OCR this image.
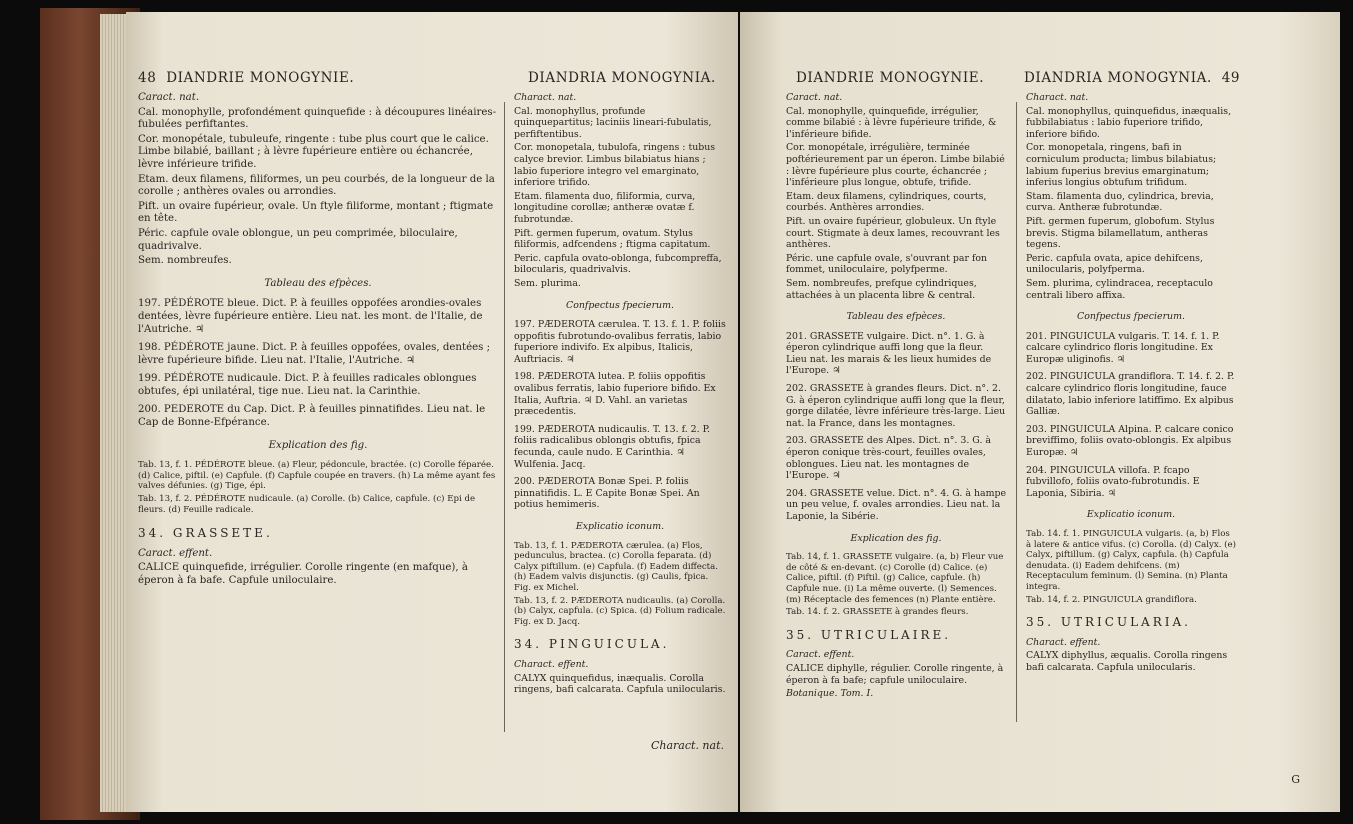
48 DIANDRIE MONOGYNIE.	DIANDRIA MONOGYNIA.

Caract. nat.

Cal. monophylle, profondément quinquefide : à découpures linéaires-fubulées perfiftantes.

Cor. monopétale, tubuleufe, ringente : tube plus court que le calice. Limbe bilabié, baillant ; à lèvre fupérieure entière ou échancrée, lèvre inférieure trifide.

Etam. deux filamens, filiformes, un peu courbés, de la longueur de la corolle ; anthères ovales ou arrondies.

Pift. un ovaire fupérieur, ovale. Un ftyle filiforme, montant ; ftigmate en tête.

Péric. capfule ovale oblongue, un peu comprimée, biloculaire, quadrivalve.

Sem. nombreufes.

Tableau des efpèces.

197. PÉDÉROTE bleue. Dict. P. à feuilles oppofées arondies-ovales dentées, lèvre fupérieure entière. Lieu nat. les mont. de l'Italie, de l'Autriche. ♃

198. PÉDÉROTE jaune. Dict. P. à feuilles oppofées, ovales, dentées ; lèvre fupérieure bifide. Lieu nat. l'Italie, l'Autriche. ♃

199. PÉDÉROTE nudicaule. Dict. P. à feuilles radicales oblongues obtufes, épi unilatéral, tige nue. Lieu nat. la Carinthie.

200. PEDEROTE du Cap. Dict. P. à feuilles pinnatifides. Lieu nat. le Cap de Bonne-Efpérance.

Explication des fig.

Tab. 13, f. 1. PÉDÉROTE bleue. (a) Fleur, pédoncule, bractée. (c) Corolle féparée. (d) Calice, piftil. (e) Capfule. (f) Capfule coupée en travers. (h) La même ayant fes valves défunies. (g) Tige, épi.

Tab. 13, f. 2. PÉDÉROTE nudicaule. (a) Corolle. (b) Calice, capfule. (c) Epi de fleurs. (d) Feuille radicale.

34. GRASSETE.

Caract. effent.

CALICE quinquefide, irrégulier. Corolle ringente (en mafque), à éperon à fa bafe. Capfule uniloculaire.

Charact. nat.

Cal. monophyllus, profunde quinquepartitus; laciniis lineari-fubulatis, perfiftentibus.

Cor. monopetala, tubulofa, ringens : tubus calyce brevior. Limbus bilabiatus hians ; labio fuperiore integro vel emarginato, inferiore trifido.

Etam. filamenta duo, filiformia, curva, longitudine corollæ; antheræ ovatæ f. fubrotundæ.

Pift. germen fuperum, ovatum. Stylus filiformis, adfcendens ; ftigma capitatum.

Peric. capfula ovato-oblonga, fubcompreffa, bilocularis, quadrivalvis.

Sem. plurima.

Confpectus fpecierum.

197. PÆDEROTA cærulea. T. 13. f. 1. P. foliis oppofitis fubrotundo-ovalibus ferratis, labio fuperiore indivifo. Ex alpibus, Italicis, Auftriacis. ♃

198. PÆDEROTA lutea. P. foliis oppofitis ovalibus ferratis, labio fuperiore bifido. Ex Italia, Auftria. ♃ D. Vahl. an varietas præcedentis.

199. PÆDEROTA nudicaulis. T. 13. f. 2. P. foliis radicalibus oblongis obtufis, fpica fecunda, caule nudo. E Carinthia. ♃ Wulfenia. Jacq.

200. PÆDEROTA Bonæ Spei. P. foliis pinnatifidis. L. E Capite Bonæ Spei. An potius hemimeris.

Explicatio iconum.

Tab. 13, f. 1. PÆDEROTA cærulea. (a) Flos, pedunculus, bractea. (c) Corolla feparata. (d) Calyx piftillum. (e) Capfula. (f) Eadem diffecta. (h) Eadem valvis disjunctis. (g) Caulis, fpica. Fig. ex Michel.

Tab. 13, f. 2. PÆDEROTA nudicaulis. (a) Corolla. (b) Calyx, capfula. (c) Spica. (d) Folium radicale. Fig. ex D. Jacq.

34. PINGUICULA.

Charact. effent.

CALYX quinquefidus, inæqualis. Corolla ringens, bafi calcarata. Capfula unilocularis.

Charact. nat.
DIANDRIE MONOGYNIE.	DIANDRIA MONOGYNIA. 49

Caract. nat.

Cal. monophylle, quinquefide, irrégulier, comme bilabié : à lèvre fupérieure trifide, & l'inférieure bifide.

Cor. monopétale, irrégulière, terminée poftérieurement par un éperon. Limbe bilabié : lèvre fupérieure plus courte, échancrée ; l'inférieure plus longue, obtufe, trifide.

Etam. deux filamens, cylindriques, courts, courbés. Anthères arrondies.

Pift. un ovaire fupérieur, globuleux. Un ftyle court. Stigmate à deux lames, recouvrant les anthères.

Péric. une capfule ovale, s'ouvrant par fon fommet, uniloculaire, polyfperme.

Sem. nombreufes, prefque cylindriques, attachées à un placenta libre & central.

Tableau des efpèces.

201. GRASSETE vulgaire. Dict. n°. 1. G. à éperon cylindrique auffi long que la fleur. Lieu nat. les marais & les lieux humides de l'Europe. ♃

202. GRASSETE à grandes fleurs. Dict. n°. 2. G. à éperon cylindrique auffi long que la fleur, gorge dilatée, lèvre inférieure très-large. Lieu nat. la France, dans les montagnes.

203. GRASSETE des Alpes. Dict. n°. 3. G. à éperon conique très-court, feuilles ovales, oblongues. Lieu nat. les montagnes de l'Europe. ♃

204. GRASSETE velue. Dict. n°. 4. G. à hampe un peu velue, f. ovales arrondies. Lieu nat. la Laponie, la Sibérie.

Explication des fig.

Tab. 14, f. 1. GRASSETE vulgaire. (a, b) Fleur vue de côté & en-devant. (c) Corolle (d) Calice. (e) Calice, piftil. (f) Piftil. (g) Calice, capfule. (h) Capfule nue. (i) La même ouverte. (l) Semences. (m) Réceptacle des femences (n) Plante entière.

Tab. 14. f. 2. GRASSETE à grandes fleurs.

35. UTRICULAIRE.

Caract. effent.

CALICE diphylle, régulier. Corolle ringente, à éperon à fa bafe; capfule uniloculaire.

Botanique. Tom. I.

Charact. nat.

Cal. monophyllus, quinquefidus, inæqualis, fubbilabiatus : labio fuperiore trifido, inferiore bifido.

Cor. monopetala, ringens, bafi in corniculum producta; limbus bilabiatus; labium fuperius brevius emarginatum; inferius longius obtufum trifidum.

Stam. filamenta duo, cylindrica, brevia, curva. Antheræ fubrotundæ.

Pift. germen fuperum, globofum. Stylus brevis. Stigma bilamellatum, antheras tegens.

Peric. capfula ovata, apice dehifcens, unilocularis, polyfperma.

Sem. plurima, cylindracea, receptaculo centrali libero affixa.

Confpectus fpecierum.

201. PINGUICULA vulgaris. T. 14. f. 1. P. calcare cylindrico floris longitudine. Ex Europæ uliginofis. ♃

202. PINGUICULA grandiflora. T. 14. f. 2. P. calcare cylindrico floris longitudine, fauce dilatato, labio inferiore latiffimo. Ex alpibus Galliæ.

203. PINGUICULA Alpina. P. calcare conico breviffimo, foliis ovato-oblongis. Ex alpibus Europæ. ♃

204. PINGUICULA villofa. P. fcapo fubvillofo, foliis ovato-fubrotundis. E Laponia, Sibiria. ♃

Explicatio iconum.

Tab. 14. f. 1. PINGUICULA vulgaris. (a, b) Flos à latere & antice vifus. (c) Corolla. (d) Calyx. (e) Calyx, piftillum. (g) Calyx, capfula. (h) Capfula denudata. (i) Eadem dehifcens. (m) Receptaculum feminum. (l) Semina. (n) Planta integra.

Tab. 14, f. 2. PINGUICULA grandiflora.

35. UTRICULARIA.

Charact. effent.

CALYX diphyllus, æqualis. Corolla ringens bafi calcarata. Capfula unilocularis.

G
